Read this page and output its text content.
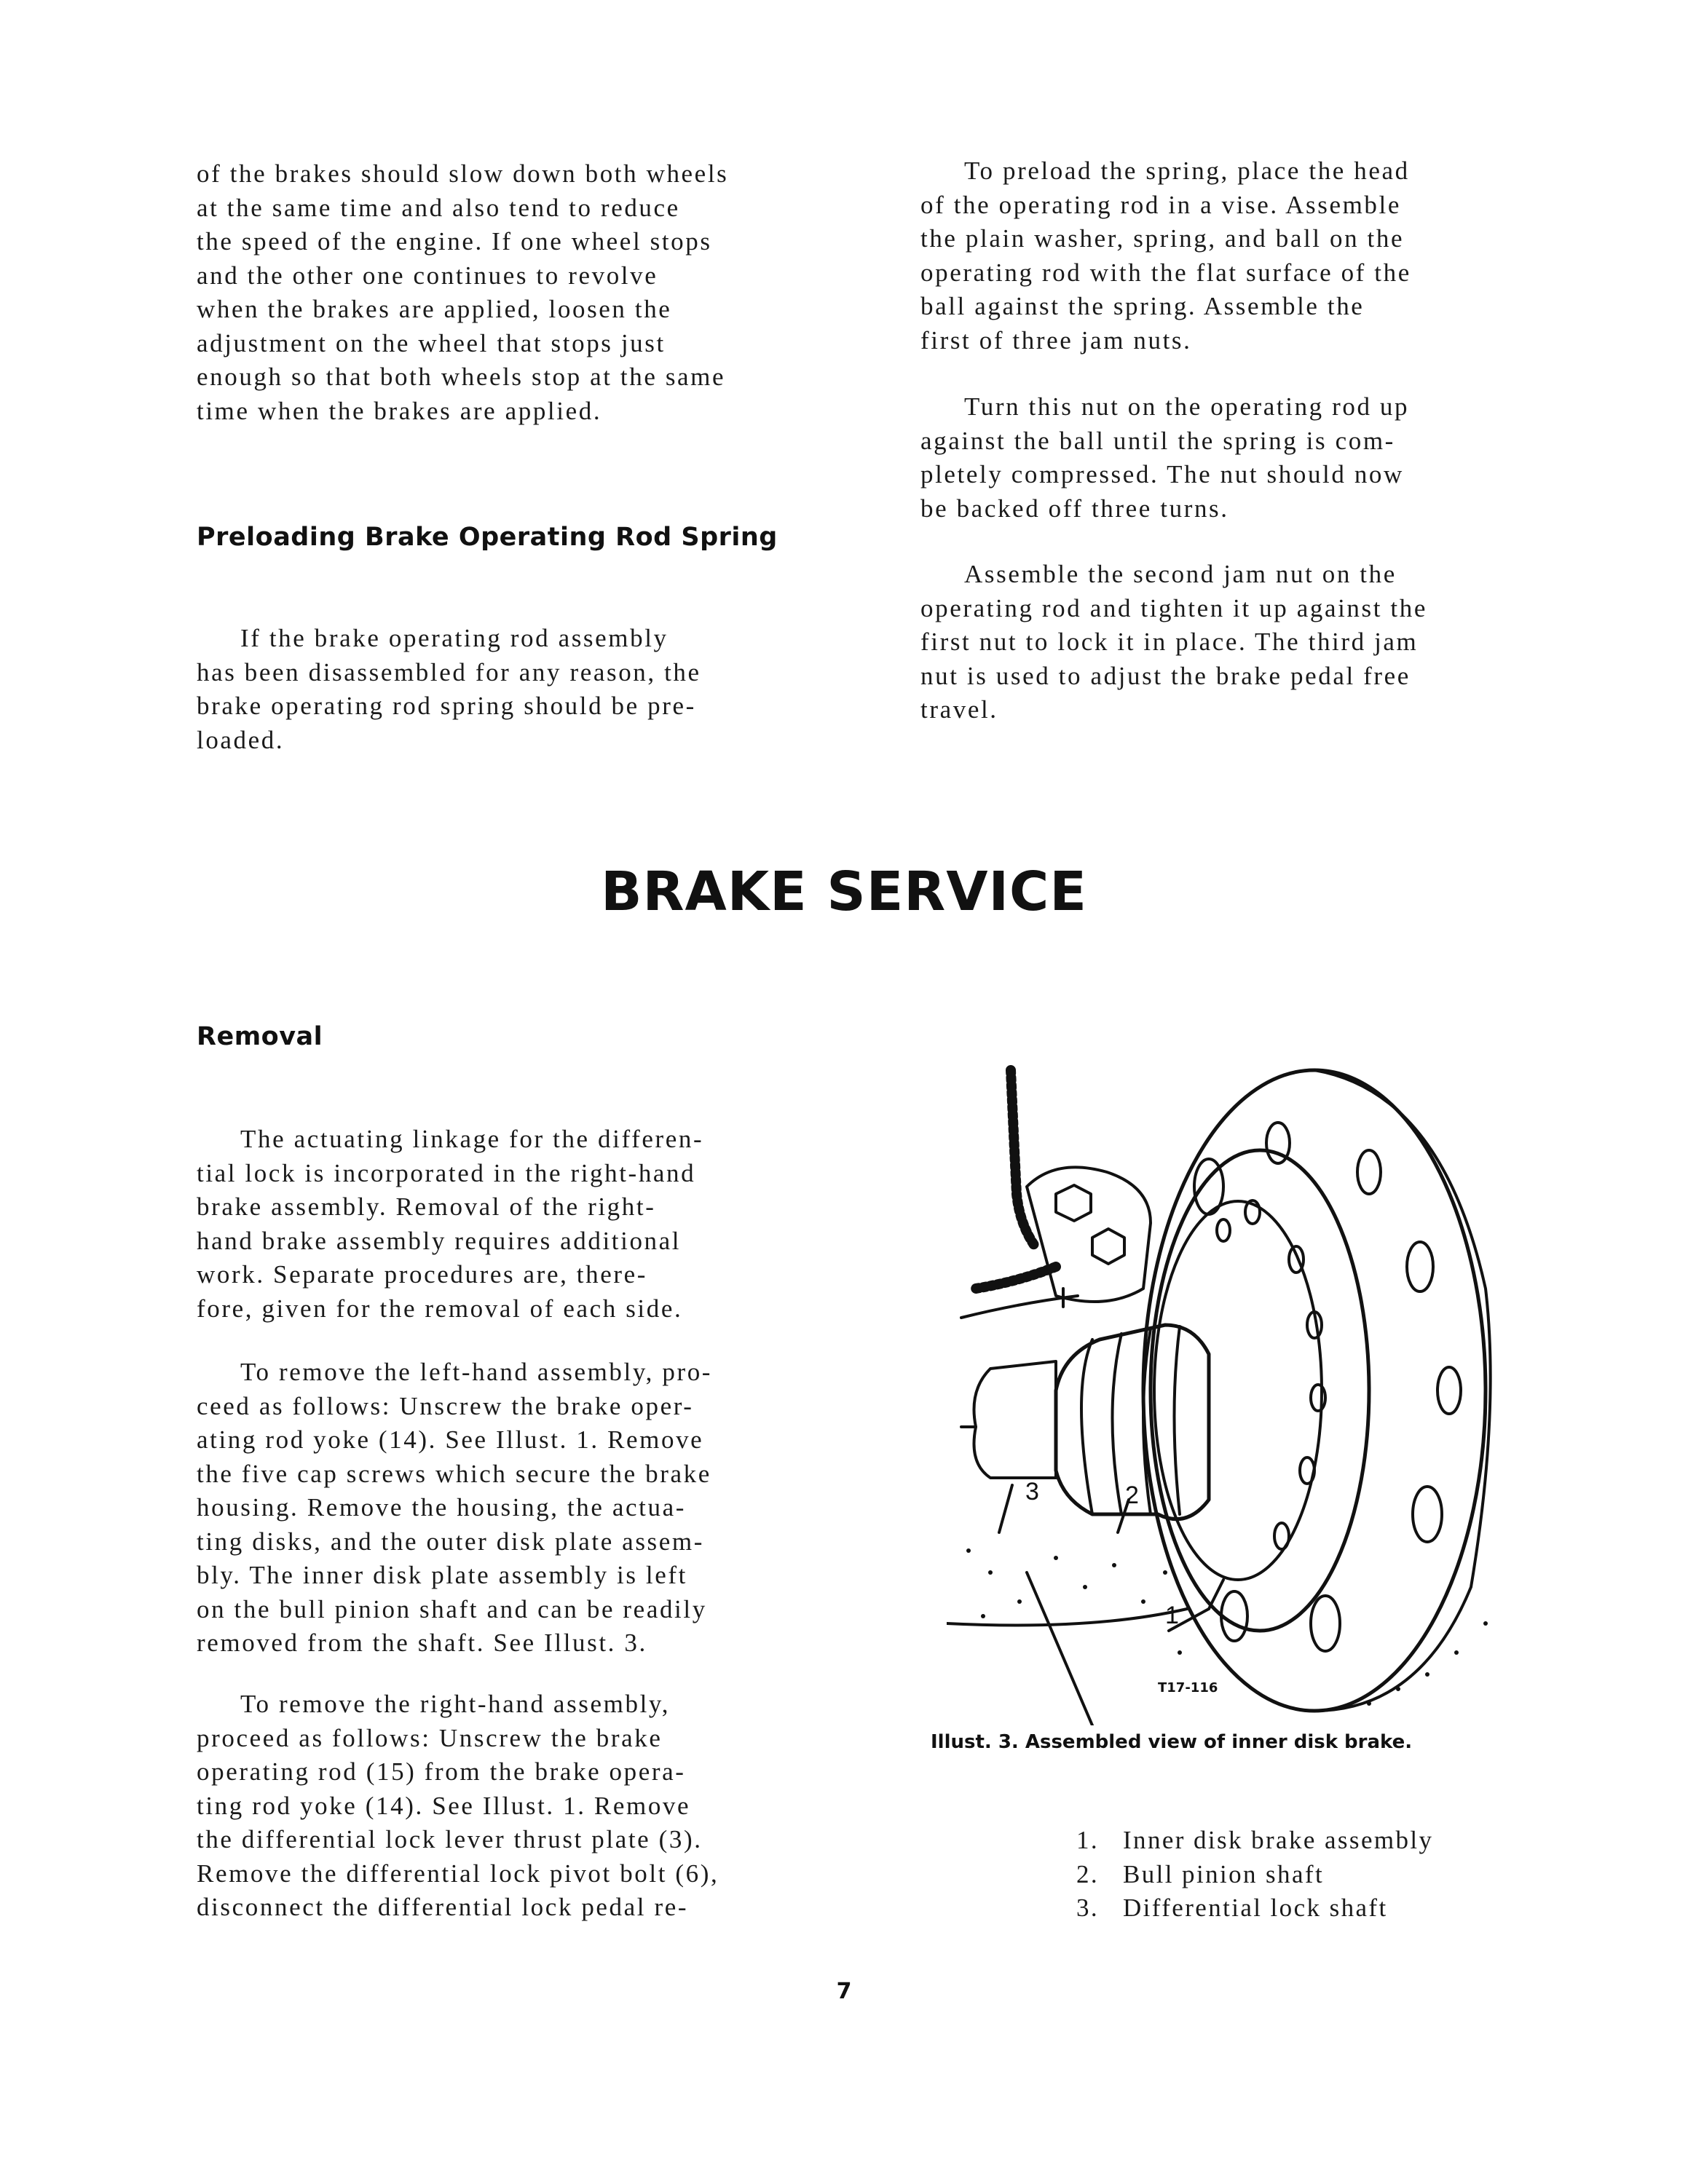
of the brakes should slow down both wheels

at the same time and also tend to reduce

the speed of the engine. If one wheel stops

and the other one continues to revolve

when the brakes are applied, loosen the

adjustment on the wheel that stops just

enough so that both wheels stop at the same

time when the brakes are applied.

Preloading Brake Operating Rod Spring

If the brake operating rod assembly

has been disassembled for any reason, the

brake operating rod spring should be pre-

loaded.

To preload the spring, place the head

of the operating rod in a vise. Assemble

the plain washer, spring, and ball on the

operating rod with the flat surface of the

ball against the spring. Assemble the

first of three jam nuts.

Turn this nut on the operating rod up

against the ball until the spring is com-

pletely compressed. The nut should now

be backed off three turns.

Assemble the second jam nut on the

operating rod and tighten it up against the

first nut to lock it in place. The third jam

nut is used to adjust the brake pedal free

travel.

BRAKE SERVICE
Removal

The actuating linkage for the differen-

tial lock is incorporated in the right-hand

brake assembly. Removal of the right-

hand brake assembly requires additional

work. Separate procedures are, there-

fore, given for the removal of each side.

To remove the left-hand assembly, pro-

ceed as follows: Unscrew the brake oper-

ating rod yoke (14). See Illust. 1. Remove

the five cap screws which secure the brake

housing. Remove the housing, the actua-

ting disks, and the outer disk plate assem-

bly. The inner disk plate assembly is left

on the bull pinion shaft and can be readily

removed from the shaft. See Illust. 3.

To remove the right-hand assembly,

proceed as follows: Unscrew the brake

operating rod (15) from the brake opera-

ting rod yoke (14). See Illust. 1. Remove

the differential lock lever thrust plate (3).

Remove the differential lock pivot bolt (6),

disconnect the differential lock pedal re-

3	2
1
T17-116
Illust. 3. Assembled view of inner disk brake.
1. Inner disk brake assembly
2. Bull pinion shaft
3. Differential lock shaft
7
